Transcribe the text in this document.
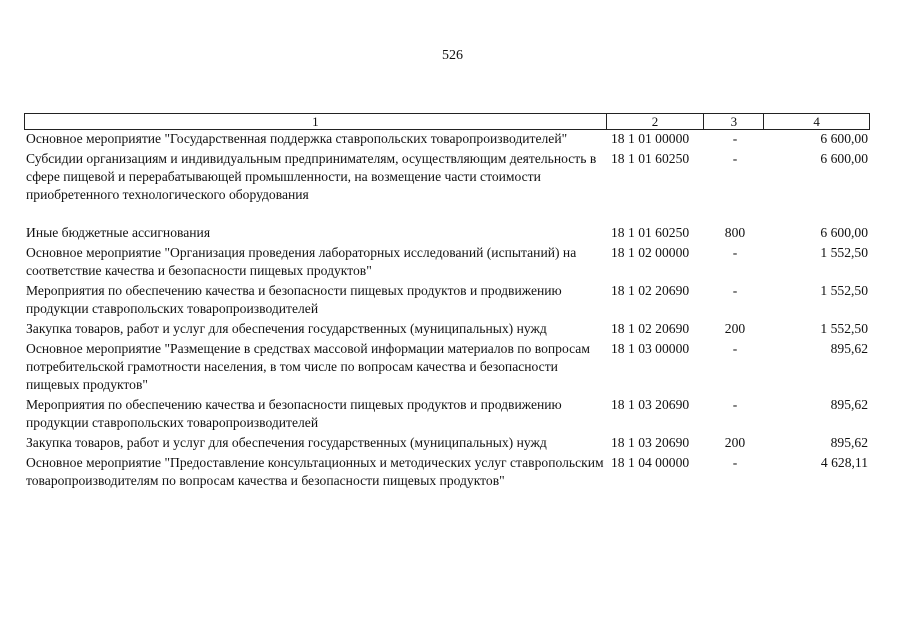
526
1	2	3	4
Основное мероприятие "Государственная поддержка ставропольских товаропроизводителей"	18 1 01 00000	-	6 600,00
Субсидии организациям и индивидуальным предпринимателям, осуществляющим деятельность в сфере пищевой и перерабатывающей промышленности, на возмещение части стоимости приобретенного технологического оборудования
18 1 01 60250	-	6 600,00
Иные бюджетные ассигнования	18 1 01 60250	800	6 600,00
Основное мероприятие "Организация проведения лабораторных исследований (испытаний) на соответствие качества и безопасности пищевых продуктов"
18 1 02 00000	-	1 552,50
Мероприятия по обеспечению качества и безопасности пищевых продуктов и продвижению продукции ставропольских товаропроизводителей
18 1 02 20690	-	1 552,50
Закупка товаров, работ и услуг для обеспечения государственных (муниципальных) нужд	18 1 02 20690	200	1 552,50
Основное мероприятие "Размещение в средствах массовой информации материалов по вопросам потребительской грамотности населения, в том числе по вопросам качества и безопасности пищевых продуктов"
18 1 03 00000	-	895,62
Мероприятия по обеспечению качества и безопасности пищевых продуктов и продвижению продукции ставропольских товаропроизводителей
18 1 03 20690	-	895,62
Закупка товаров, работ и услуг для обеспечения государственных (муниципальных) нужд	18 1 03 20690	200	895,62
Основное мероприятие "Предоставление консультационных и методических услуг ставропольским товаропроизводителям по вопросам качества и безопасности пищевых продуктов"
18 1 04 00000	-	4 628,11
